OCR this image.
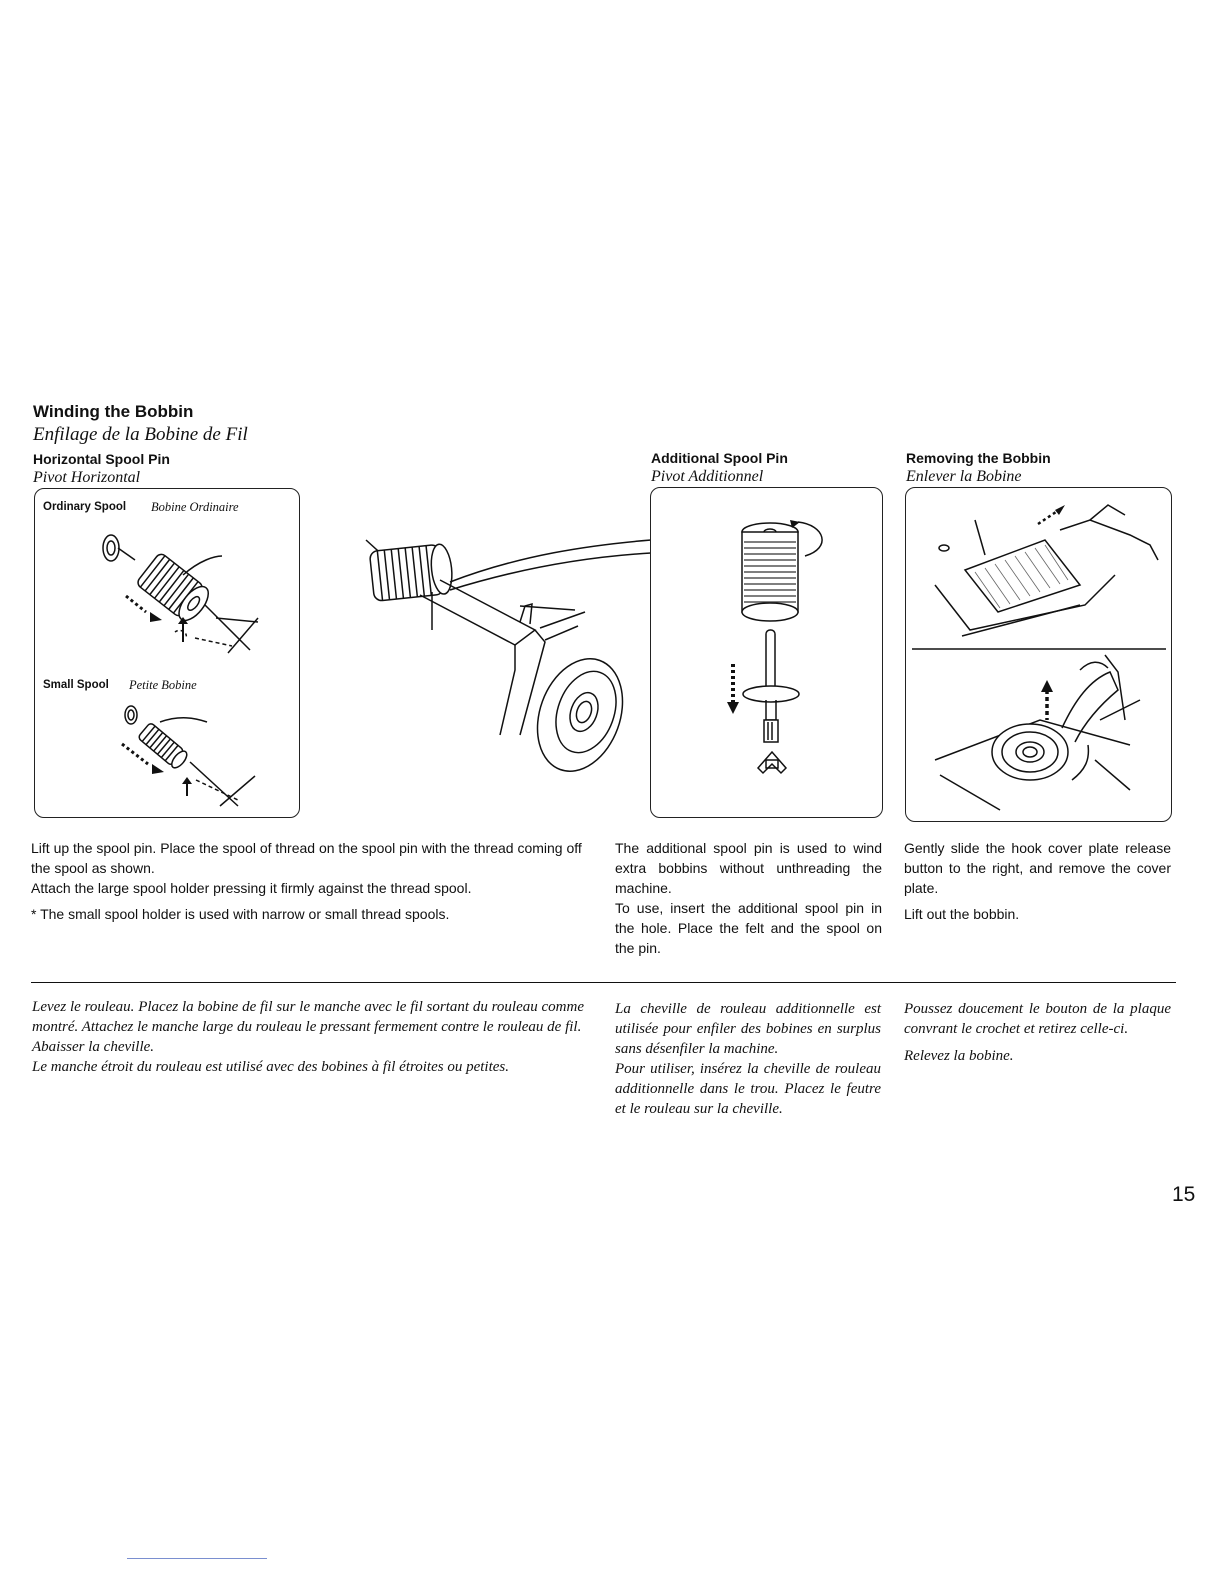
Winding the Bobbin
Enfilage de la Bobine de Fil
Horizontal Spool Pin
Pivot Horizontal
Additional Spool Pin
Pivot Additionnel
Removing the Bobbin
Enlever la Bobine
Ordinary Spool Bobine Ordinaire
Small Spool Petite Bobine

Lift up the spool pin. Place the spool of thread on the spool pin with the thread coming off the spool as shown.

Attach the large spool holder pressing it firmly against the thread spool.

* The small spool holder is used with narrow or small thread spools.

The additional spool pin is used to wind extra bobbins without unthreading the machine.

To use, insert the additional spool pin in the hole. Place the felt and the spool on the pin.

Gently slide the hook cover plate release button to the right, and remove the cover plate.

Lift out the bobbin.

Levez le rouleau. Placez la bobine de fil sur le manche avec le fil sortant du rouleau comme montré. Attachez le manche large du rouleau le pressant fermement contre le rouleau de fil.

Abaisser la cheville.

Le manche étroit du rouleau est utilisé avec des bobines à fil étroites ou petites.

La cheville de rouleau additionnelle est utilisée pour enfiler des bobines en surplus sans désenfiler la machine.

Pour utiliser, insérez la cheville de rouleau additionnelle dans le trou. Placez le feutre et le rouleau sur la cheville.

Poussez doucement le bouton de la plaque convrant le crochet et retirez celle-ci.

Relevez la bobine.

15
